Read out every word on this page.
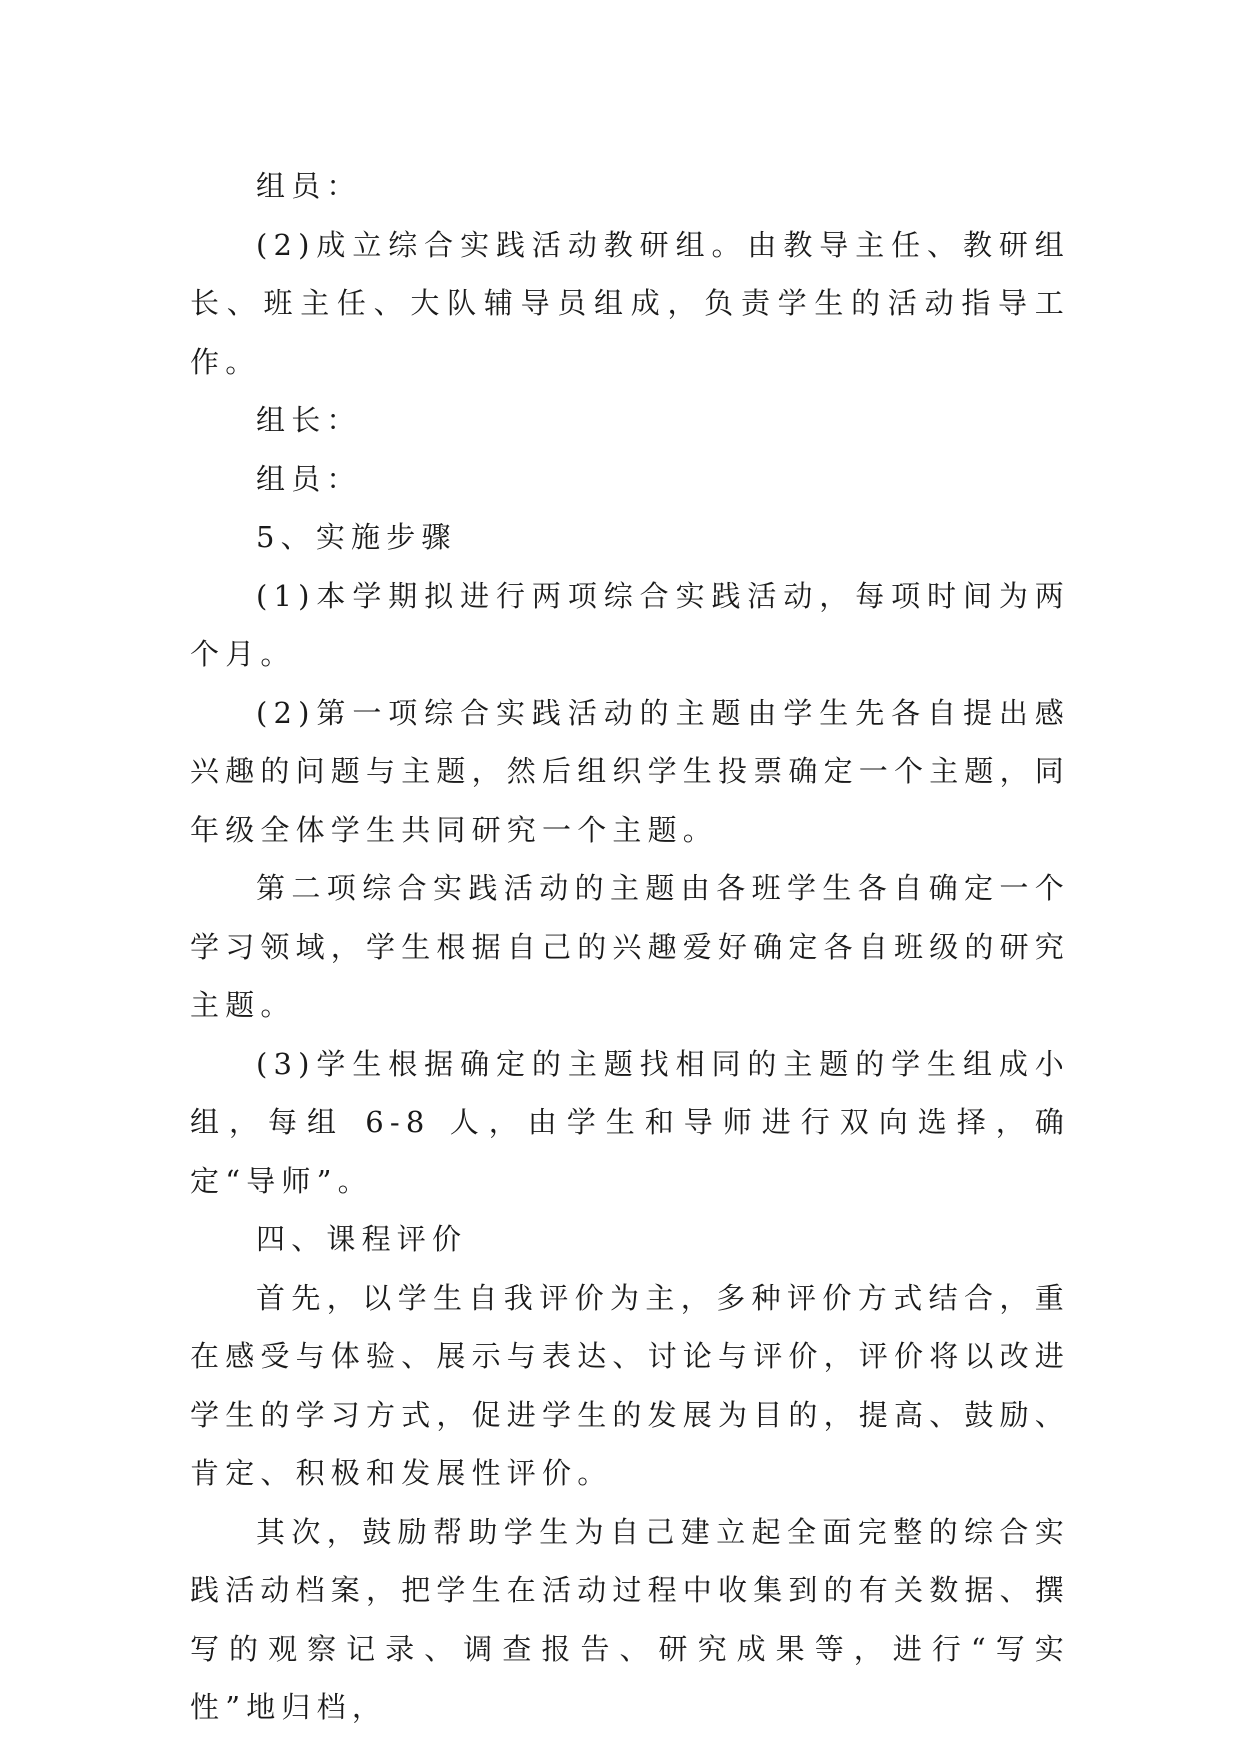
组员：

(2)成立综合实践活动教研组。由教导主任、教研组长、班主任、大队辅导员组成，负责学生的活动指导工作。

组长：

组员：

5、实施步骤

(1)本学期拟进行两项综合实践活动，每项时间为两个月。

(2)第一项综合实践活动的主题由学生先各自提出感兴趣的问题与主题，然后组织学生投票确定一个主题，同年级全体学生共同研究一个主题。

第二项综合实践活动的主题由各班学生各自确定一个学习领域，学生根据自己的兴趣爱好确定各自班级的研究主题。

(3)学生根据确定的主题找相同的主题的学生组成小组，每组 6-8 人，由学生和导师进行双向选择，确定“导师”。

四、课程评价

首先，以学生自我评价为主，多种评价方式结合，重在感受与体验、展示与表达、讨论与评价，评价将以改进学生的学习方式，促进学生的发展为目的，提高、鼓励、肯定、积极和发展性评价。

其次，鼓励帮助学生为自己建立起全面完整的综合实践活动档案，把学生在活动过程中收集到的有关数据、撰写的观察记录、调查报告、研究成果等，进行“写实性”地归档，
